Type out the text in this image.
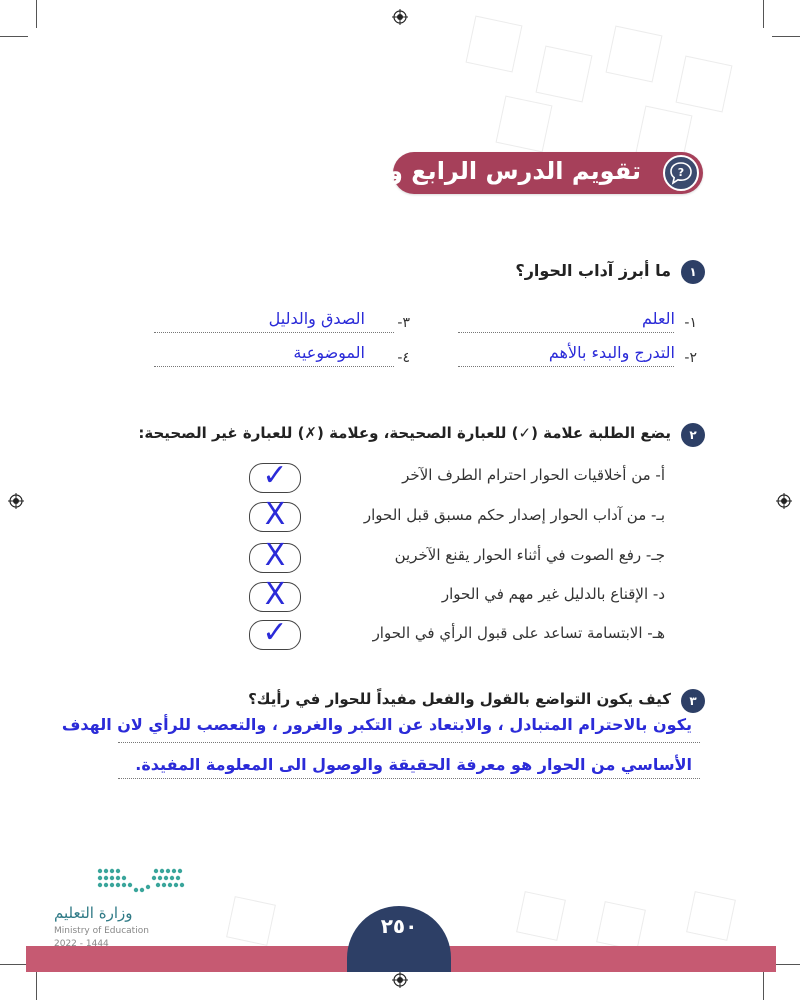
تقويم الدرس الرابع والثلاثين	?
١
ما أبرز آداب الحوار؟
١-
العلم
٢-
التدرج والبدء بالأهم
٣-
الصدق والدليل
٤-
الموضوعية
٢
يضع الطلبة علامة (✓) للعبارة الصحيحة، وعلامة (✗) للعبارة غير الصحيحة:
أ- من أخلاقيات الحوار احترام الطرف الآخر
✓
بـ- من آداب الحوار إصدار حكم مسبق قبل الحوار
X
جـ- رفع الصوت في أثناء الحوار يقنع الآخرين
X
د- الإقناع بالدليل غير مهم في الحوار
X
هـ- الابتسامة تساعد على قبول الرأي في الحوار
✓
٣
كيف يكون التواضع بالقول والفعل مفيداً للحوار في رأيك؟
يكون بالاحترام المتبادل ، والابتعاد عن التكبر والغرور ، والتعصب للرأي لان الهدف
الأساسي من الحوار هو معرفة الحقيقة والوصول الى المعلومة المفيدة.
٢٥٠
وزارة التعليم
Ministry of Education
2022 - 1444
